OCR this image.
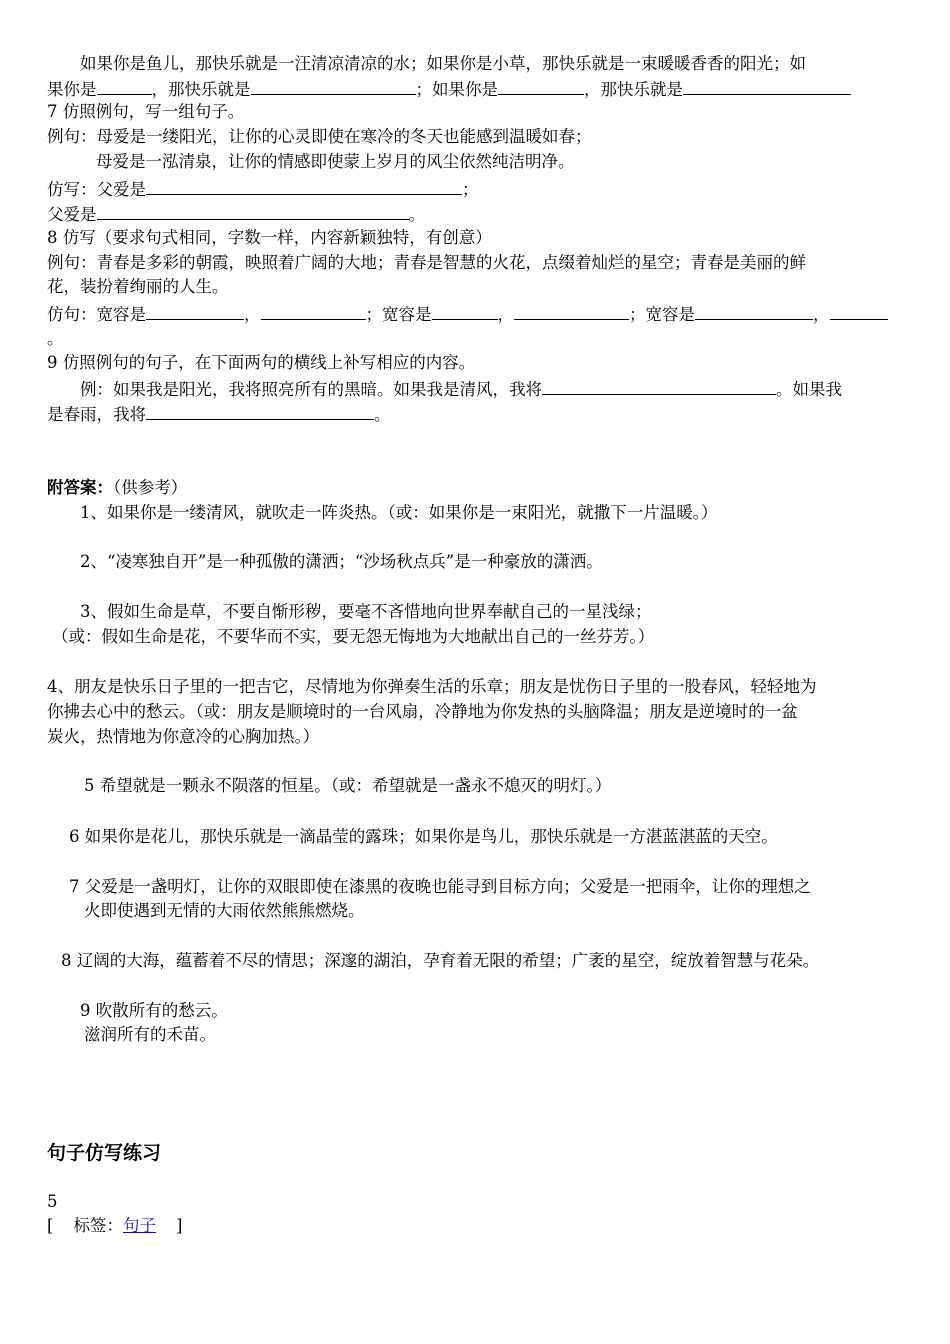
如果你是鱼儿，那快乐就是一汪清凉清凉的水；如果你是小草，那快乐就是一束暖暖香香的阳光；如
果你是	，那快乐就是	；如果你是	，那快乐就是
7 仿照例句，写一组句子。
例句：母爱是一缕阳光，让你的心灵即使在寒冷的冬天也能感到温暖如春；
母爱是一泓清泉，让你的情感即使蒙上岁月的风尘依然纯洁明净。
仿写：父爱是	；
父爱是	。
8 仿写（要求句式相同，字数一样，内容新颖独特，有创意）
例句：青春是多彩的朝霞，映照着广阔的大地；青春是智慧的火花，点缀着灿烂的星空；青春是美丽的鲜
花，装扮着绚丽的人生。
仿句：宽容是	，	；宽容是	，	；宽容是	，
。
9 仿照例句的句子，在下面两句的横线上补写相应的内容。
例：如果我是阳光，我将照亮所有的黑暗。如果我是清风，我将	。如果我
是春雨，我将	。
附答案：（供参考）
1、如果你是一缕清风，就吹走一阵炎热。（或：如果你是一束阳光，就撒下一片温暖。）
2、“凌寒独自开”是一种孤傲的潇洒；“沙场秋点兵”是一种豪放的潇洒。
3、假如生命是草，不要自惭形秽，要毫不吝惜地向世界奉献自己的一星浅绿；
（或：假如生命是花，不要华而不实，要无怨无悔地为大地献出自己的一丝芬芳。）
4、朋友是快乐日子里的一把吉它，尽情地为你弹奏生活的乐章；朋友是忧伤日子里的一股春风，轻轻地为
你拂去心中的愁云。（或：朋友是顺境时的一台风扇，冷静地为你发热的头脑降温；朋友是逆境时的一盆
炭火，热情地为你意冷的心胸加热。）
5 希望就是一颗永不陨落的恒星。（或：希望就是一盏永不熄灭的明灯。）
6 如果你是花儿，那快乐就是一滴晶莹的露珠；如果你是鸟儿，那快乐就是一方湛蓝湛蓝的天空。
7 父爱是一盏明灯，让你的双眼即使在漆黑的夜晚也能寻到目标方向；父爱是一把雨伞，让你的理想之
火即使遇到无情的大雨依然熊熊燃烧。
8 辽阔的大海，蕴蓄着不尽的情思；深邃的湖泊，孕育着无限的希望；广袤的星空，绽放着智慧与花朵。
9 吹散所有的愁云。
滋润所有的禾苗。
句子仿写练习
5
[ 标签：句子 ]
